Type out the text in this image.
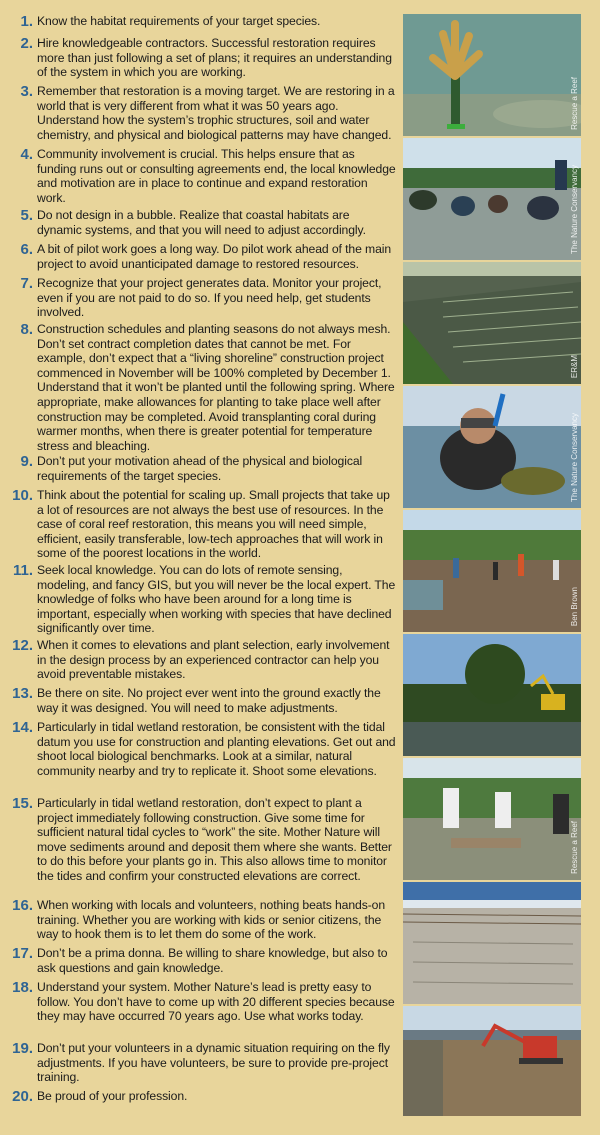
1. Know the habitat requirements of your target species.
2. Hire knowledgeable contractors. Successful restoration requires more than just following a set of plans; it requires an understanding of the system in which you are working.
3. Remember that restoration is a moving target. We are restoring in a world that is very different from what it was 50 years ago. Understand how the system’s trophic structures, soil and water chemistry, and physical and biological patterns may have changed.
4. Community involvement is crucial. This helps ensure that as funding runs out or consulting agreements end, the local knowledge and motivation are in place to continue and expand restoration work.
5. Do not design in a bubble. Realize that coastal habitats are dynamic systems, and that you will need to adjust accordingly.
6. A bit of pilot work goes a long way. Do pilot work ahead of the main project to avoid unanticipated damage to restored resources.
7. Recognize that your project generates data. Monitor your project, even if you are not paid to do so. If you need help, get students involved.
8. Construction schedules and planting seasons do not always mesh. Don’t set contract completion dates that cannot be met. For example, don’t expect that a “living shoreline” construction project commenced in November will be 100% completed by December 1. Understand that it won’t be planted until the following spring. Where appropriate, make allowances for planting to take place well after construction may be completed. Avoid transplanting coral during warmer months, when there is greater potential for temperature stress and bleaching.
9. Don’t put your motivation ahead of the physical and biological requirements of the target species.
10. Think about the potential for scaling up. Small projects that take up a lot of resources are not always the best use of resources. In the case of coral reef restoration, this means you will need simple, efficient, easily transferable, low-tech approaches that will work in some of the poorest locations in the world.
11. Seek local knowledge. You can do lots of remote sensing, modeling, and fancy GIS, but you will never be the local expert. The knowledge of folks who have been around for a long time is important, especially when working with species that have declined significantly over time.
12. When it comes to elevations and plant selection, early involvement in the design process by an experienced contractor can help you avoid preventable mistakes.
13. Be there on site. No project ever went into the ground exactly the way it was designed. You will need to make adjustments.
14. Particularly in tidal wetland restoration, be consistent with the tidal datum you use for construction and planting elevations. Get out and shoot local biological benchmarks. Look at a similar, natural community nearby and try to replicate it. Shoot some elevations.
15. Particularly in tidal wetland restoration, don’t expect to plant a project immediately following construction. Give some time for sufficient natural tidal cycles to “work” the site. Mother Nature will move sediments around and deposit them where she wants. Better to do this before your plants go in. This also allows time to monitor the tides and confirm your constructed elevations are correct.
16. When working with locals and volunteers, nothing beats hands-on training. Whether you are working with kids or senior citizens, the way to hook them is to let them do some of the work.
17. Don’t be a prima donna. Be willing to share knowledge, but also to ask questions and gain knowledge.
18. Understand your system. Mother Nature’s lead is pretty easy to follow. You don’t have to come up with 20 different species because they may have occurred 70 years ago. Use what works today.
19. Don’t put your volunteers in a dynamic situation requiring on the fly adjustments. If you have volunteers, be sure to provide pre-project training.
20. Be proud of your profession.
Rescue a Reef
The Nature Conservancy
ER&M
The Nature Conservancy
Ben Brown
Rescue a Reef
